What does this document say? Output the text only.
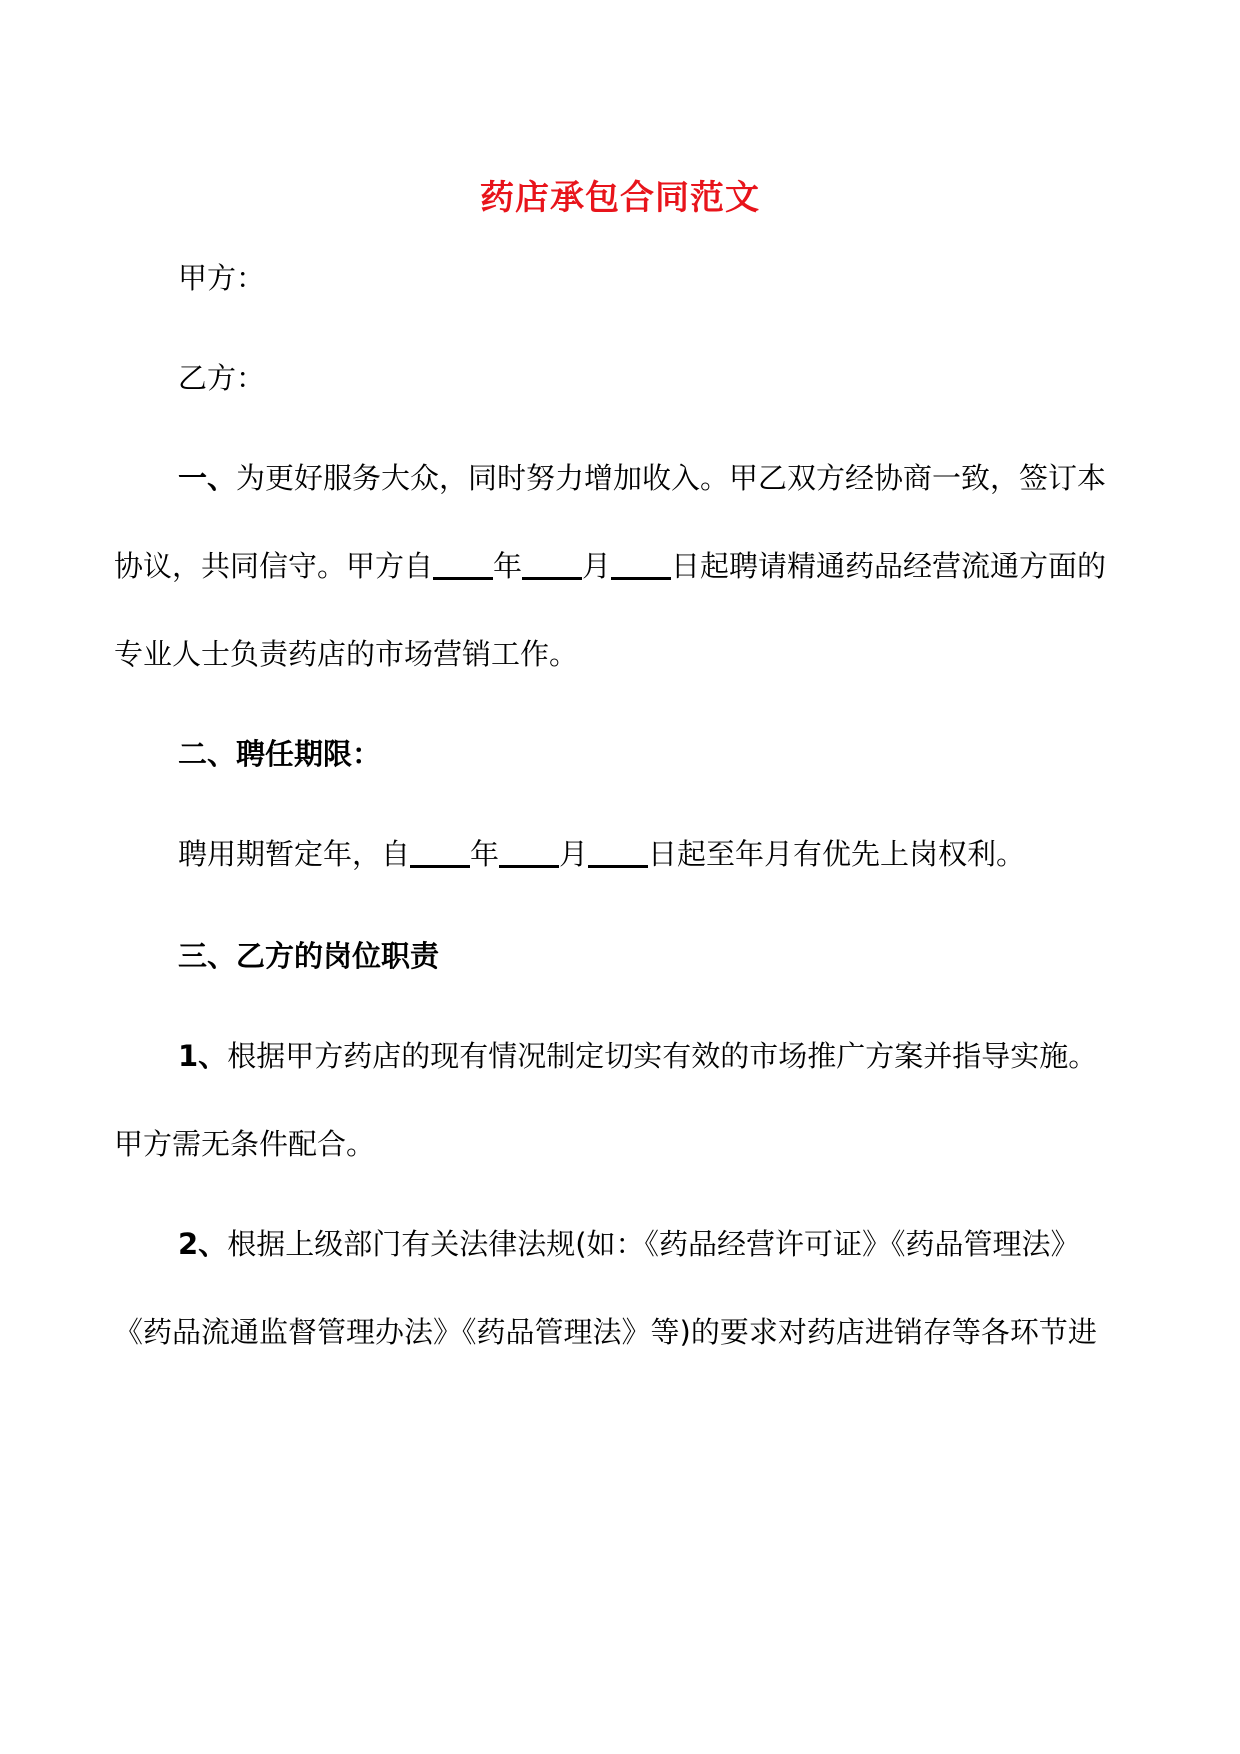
药店承包合同范文
甲方：
乙方：
一、为更好服务大众，同时努力增加收入。甲乙双方经协商一致，签订本
协议，共同信守。甲方自 年 月 日起聘请精通药品经营流通方面的
专业人士负责药店的市场营销工作。
二、聘任期限：
聘用期暂定年，自 年 月 日起至年月有优先上岗权利。
三、乙方的岗位职责
1、根据甲方药店的现有情况制定切实有效的市场推广方案并指导实施。
甲方需无条件配合。
2、根据上级部门有关法律法规(如：《药品经营许可证》《药品管理法》
《药品流通监督管理办法》《药品管理法》等)的要求对药店进销存等各环节进
